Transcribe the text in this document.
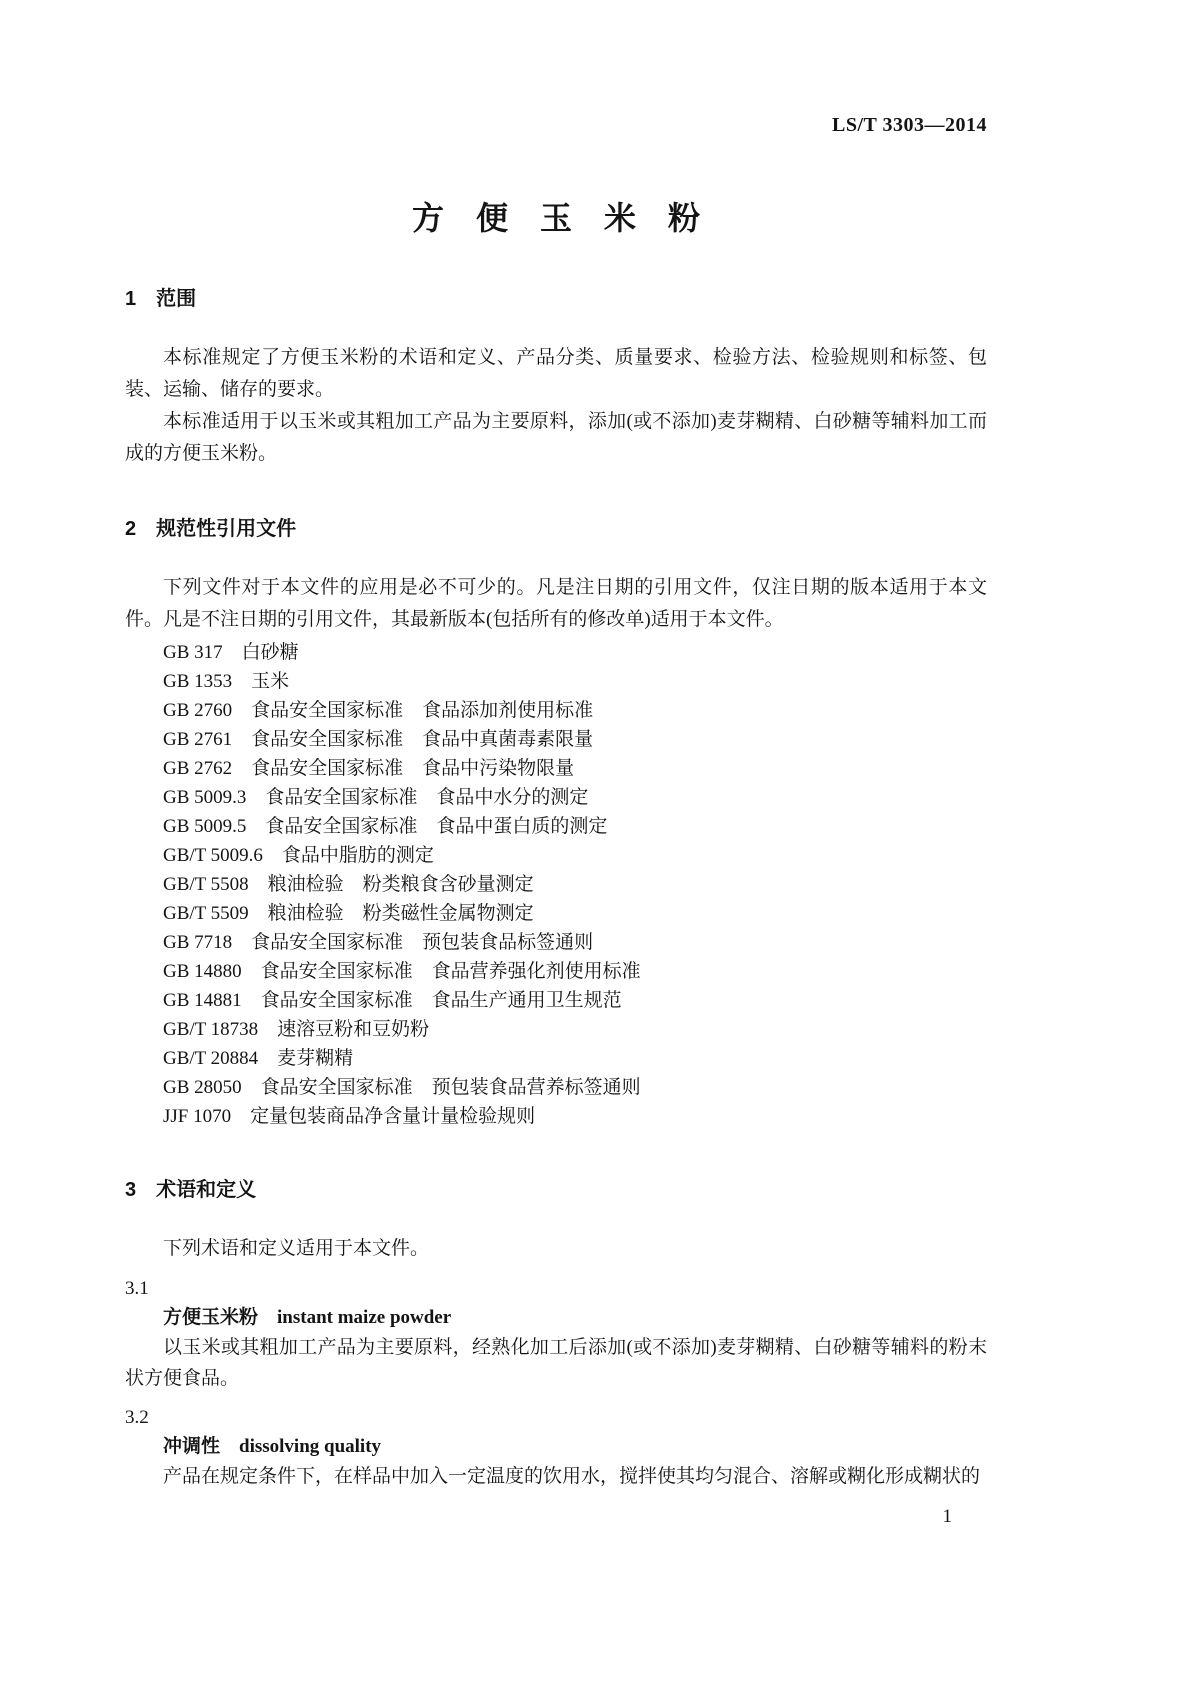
LS/T 3303—2014
方　便　玉　米　粉
1　范围

本标准规定了方便玉米粉的术语和定义、产品分类、质量要求、检验方法、检验规则和标签、包装、运输、储存的要求。

本标准适用于以玉米或其粗加工产品为主要原料，添加(或不添加)麦芽糊精、白砂糖等辅料加工而成的方便玉米粉。

2　规范性引用文件

下列文件对于本文件的应用是必不可少的。凡是注日期的引用文件，仅注日期的版本适用于本文件。凡是不注日期的引用文件，其最新版本(包括所有的修改单)适用于本文件。

GB 317　白砂糖
GB 1353　玉米
GB 2760　食品安全国家标准　食品添加剂使用标准
GB 2761　食品安全国家标准　食品中真菌毒素限量
GB 2762　食品安全国家标准　食品中污染物限量
GB 5009.3　食品安全国家标准　食品中水分的测定
GB 5009.5　食品安全国家标准　食品中蛋白质的测定
GB/T 5009.6　食品中脂肪的测定
GB/T 5508　粮油检验　粉类粮食含砂量测定
GB/T 5509　粮油检验　粉类磁性金属物测定
GB 7718　食品安全国家标准　预包装食品标签通则
GB 14880　食品安全国家标准　食品营养强化剂使用标准
GB 14881　食品安全国家标准　食品生产通用卫生规范
GB/T 18738　速溶豆粉和豆奶粉
GB/T 20884　麦芽糊精
GB 28050　食品安全国家标准　预包装食品营养标签通则
JJF 1070　定量包装商品净含量计量检验规则
3　术语和定义

下列术语和定义适用于本文件。

3.1
方便玉米粉 instant maize powder

以玉米或其粗加工产品为主要原料，经熟化加工后添加(或不添加)麦芽糊精、白砂糖等辅料的粉末状方便食品。

3.2
冲调性 dissolving quality

产品在规定条件下，在样品中加入一定温度的饮用水，搅拌使其均匀混合、溶解或糊化形成糊状的

1
